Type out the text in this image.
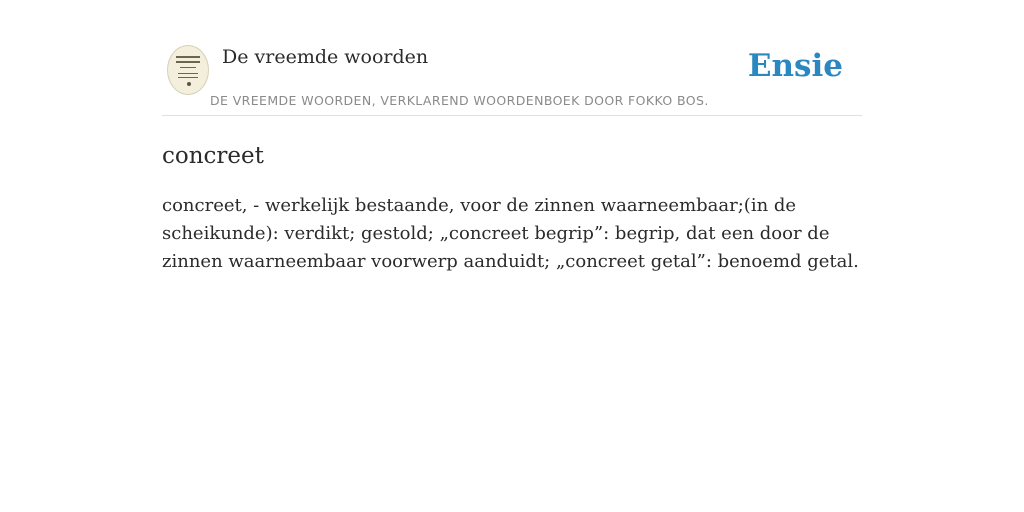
De vreemde woorden
DE VREEMDE WOORDEN, VERKLAREND WOORDENBOEK DOOR FOKKO BOS.
Ensie
concreet

concreet, - werkelijk bestaande, voor de zinnen waarneembaar;(in de scheikunde): verdikt; gestold; „concreet begrip”: begrip, dat een door de zinnen waarneembaar voorwerp aanduidt; „concreet getal”: benoemd getal.
